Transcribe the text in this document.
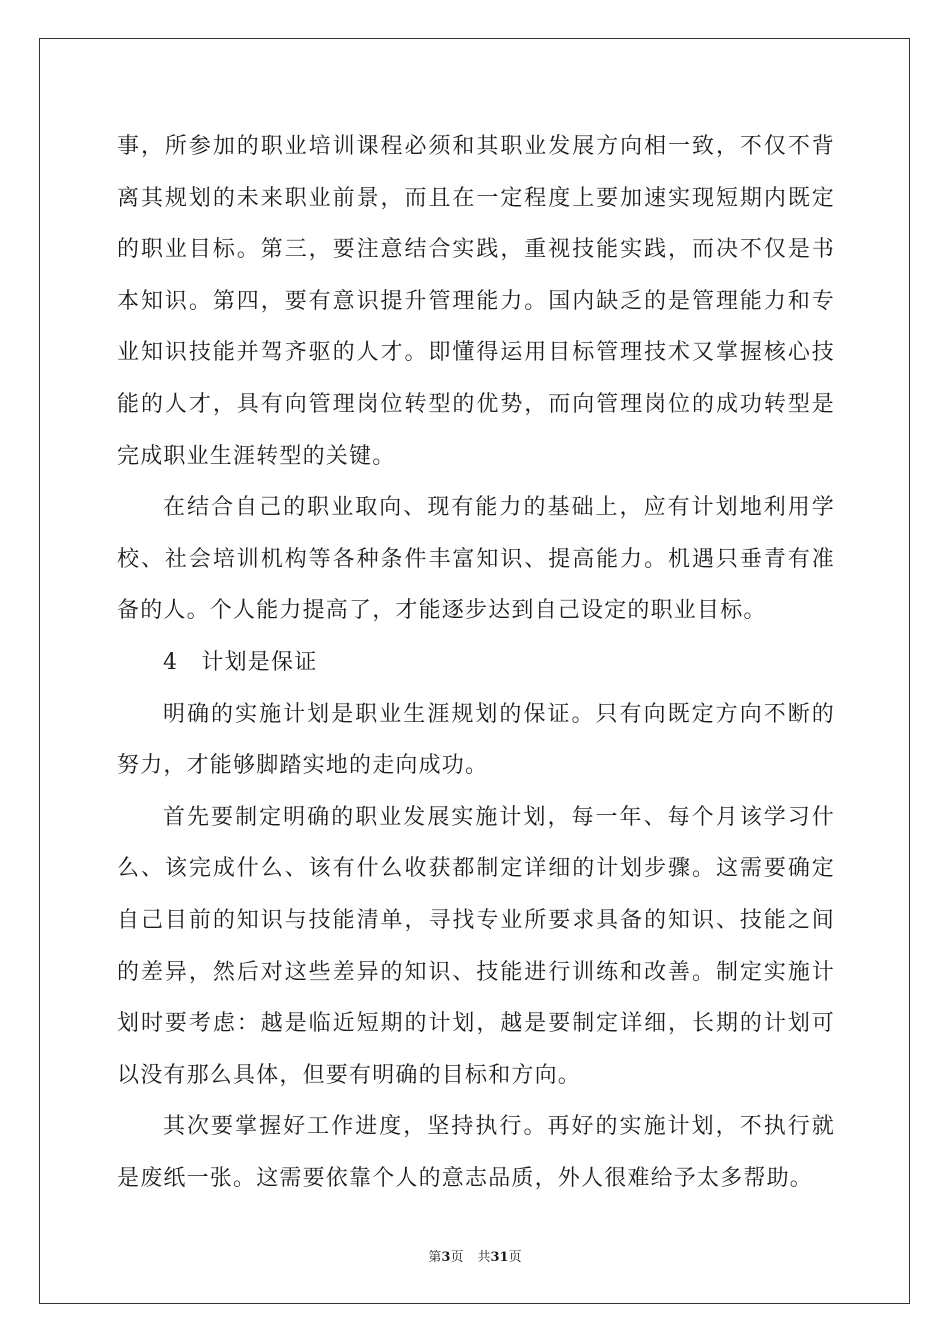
事，所参加的职业培训课程必须和其职业发展方向相一致，不仅不背离其规划的未来职业前景，而且在一定程度上要加速实现短期内既定的职业目标。第三，要注意结合实践，重视技能实践，而决不仅是书本知识。第四，要有意识提升管理能力。国内缺乏的是管理能力和专业知识技能并驾齐驱的人才。即懂得运用目标管理技术又掌握核心技能的人才，具有向管理岗位转型的优势，而向管理岗位的成功转型是完成职业生涯转型的关键。

在结合自己的职业取向、现有能力的基础上，应有计划地利用学校、社会培训机构等各种条件丰富知识、提高能力。机遇只垂青有准备的人。个人能力提高了，才能逐步达到自己设定的职业目标。

4　计划是保证

明确的实施计划是职业生涯规划的保证。只有向既定方向不断的努力，才能够脚踏实地的走向成功。

首先要制定明确的职业发展实施计划，每一年、每个月该学习什么、该完成什么、该有什么收获都制定详细的计划步骤。这需要确定自己目前的知识与技能清单，寻找专业所要求具备的知识、技能之间的差异，然后对这些差异的知识、技能进行训练和改善。制定实施计划时要考虑：越是临近短期的计划，越是要制定详细，长期的计划可以没有那么具体，但要有明确的目标和方向。

其次要掌握好工作进度，坚持执行。再好的实施计划，不执行就是废纸一张。这需要依靠个人的意志品质，外人很难给予太多帮助。

第3页 共31页
